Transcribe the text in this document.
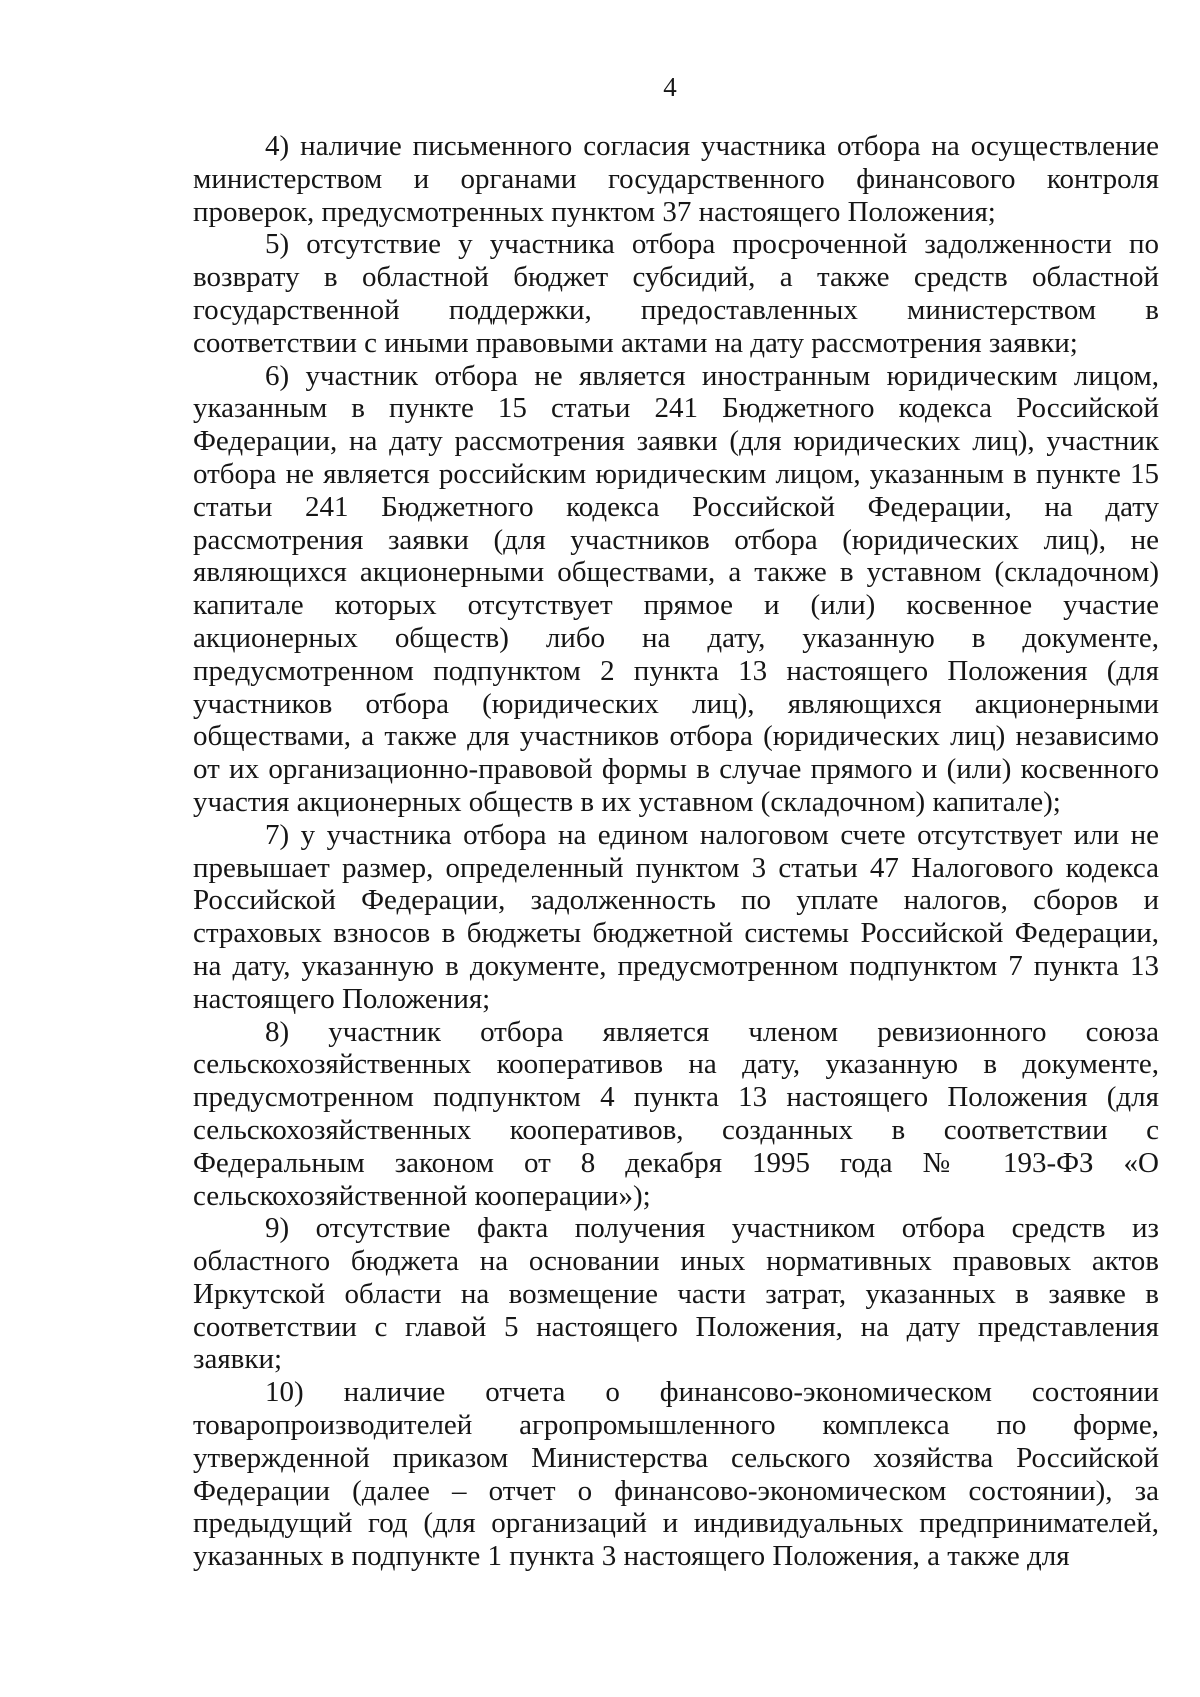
4

4) наличие письменного согласия участника отбора на осуществление министерством и органами государственного финансового контроля проверок, предусмотренных пунктом 37 настоящего Положения;

5) отсутствие у участника отбора просроченной задолженности по возврату в областной бюджет субсидий, а также средств областной государственной поддержки, предоставленных министерством в соответствии с иными правовыми актами на дату рассмотрения заявки;

6) участник отбора не является иностранным юридическим лицом, указанным в пункте 15 статьи 241 Бюджетного кодекса Российской Федерации, на дату рассмотрения заявки (для юридических лиц), участник отбора не является российским юридическим лицом, указанным в пункте 15 статьи 241 Бюджетного кодекса Российской Федерации, на дату рассмотрения заявки (для участников отбора (юридических лиц), не являющихся акционерными обществами, а также в уставном (складочном) капитале которых отсутствует прямое и (или) косвенное участие акционерных обществ) либо на дату, указанную в документе, предусмотренном подпунктом 2 пункта 13 настоящего Положения (для участников отбора (юридических лиц), являющихся акционерными обществами, а также для участников отбора (юридических лиц) независимо от их организационно-правовой формы в случае прямого и (или) косвенного участия акционерных обществ в их уставном (складочном) капитале);

7) у участника отбора на едином налоговом счете отсутствует или не превышает размер, определенный пунктом 3 статьи 47 Налогового кодекса Российской Федерации, задолженность по уплате налогов, сборов и страховых взносов в бюджеты бюджетной системы Российской Федерации, на дату, указанную в документе, предусмотренном подпунктом 7 пункта 13 настоящего Положения;

8) участник отбора является членом ревизионного союза сельскохозяйственных кооперативов на дату, указанную в документе, предусмотренном подпунктом 4 пункта 13 настоящего Положения (для сельскохозяйственных кооперативов, созданных в соответствии с Федеральным законом от 8 декабря 1995 года № 193-ФЗ «О сельскохозяйственной кооперации»);

9) отсутствие факта получения участником отбора средств из областного бюджета на основании иных нормативных правовых актов Иркутской области на возмещение части затрат, указанных в заявке в соответствии с главой 5 настоящего Положения, на дату представления заявки;

10) наличие отчета о финансово-экономическом состоянии товаропроизводителей агропромышленного комплекса по форме, утвержденной приказом Министерства сельского хозяйства Российской Федерации (далее – отчет о финансово-экономическом состоянии), за предыдущий год (для организаций и индивидуальных предпринимателей, указанных в подпункте 1 пункта 3 настоящего Положения, а также для
